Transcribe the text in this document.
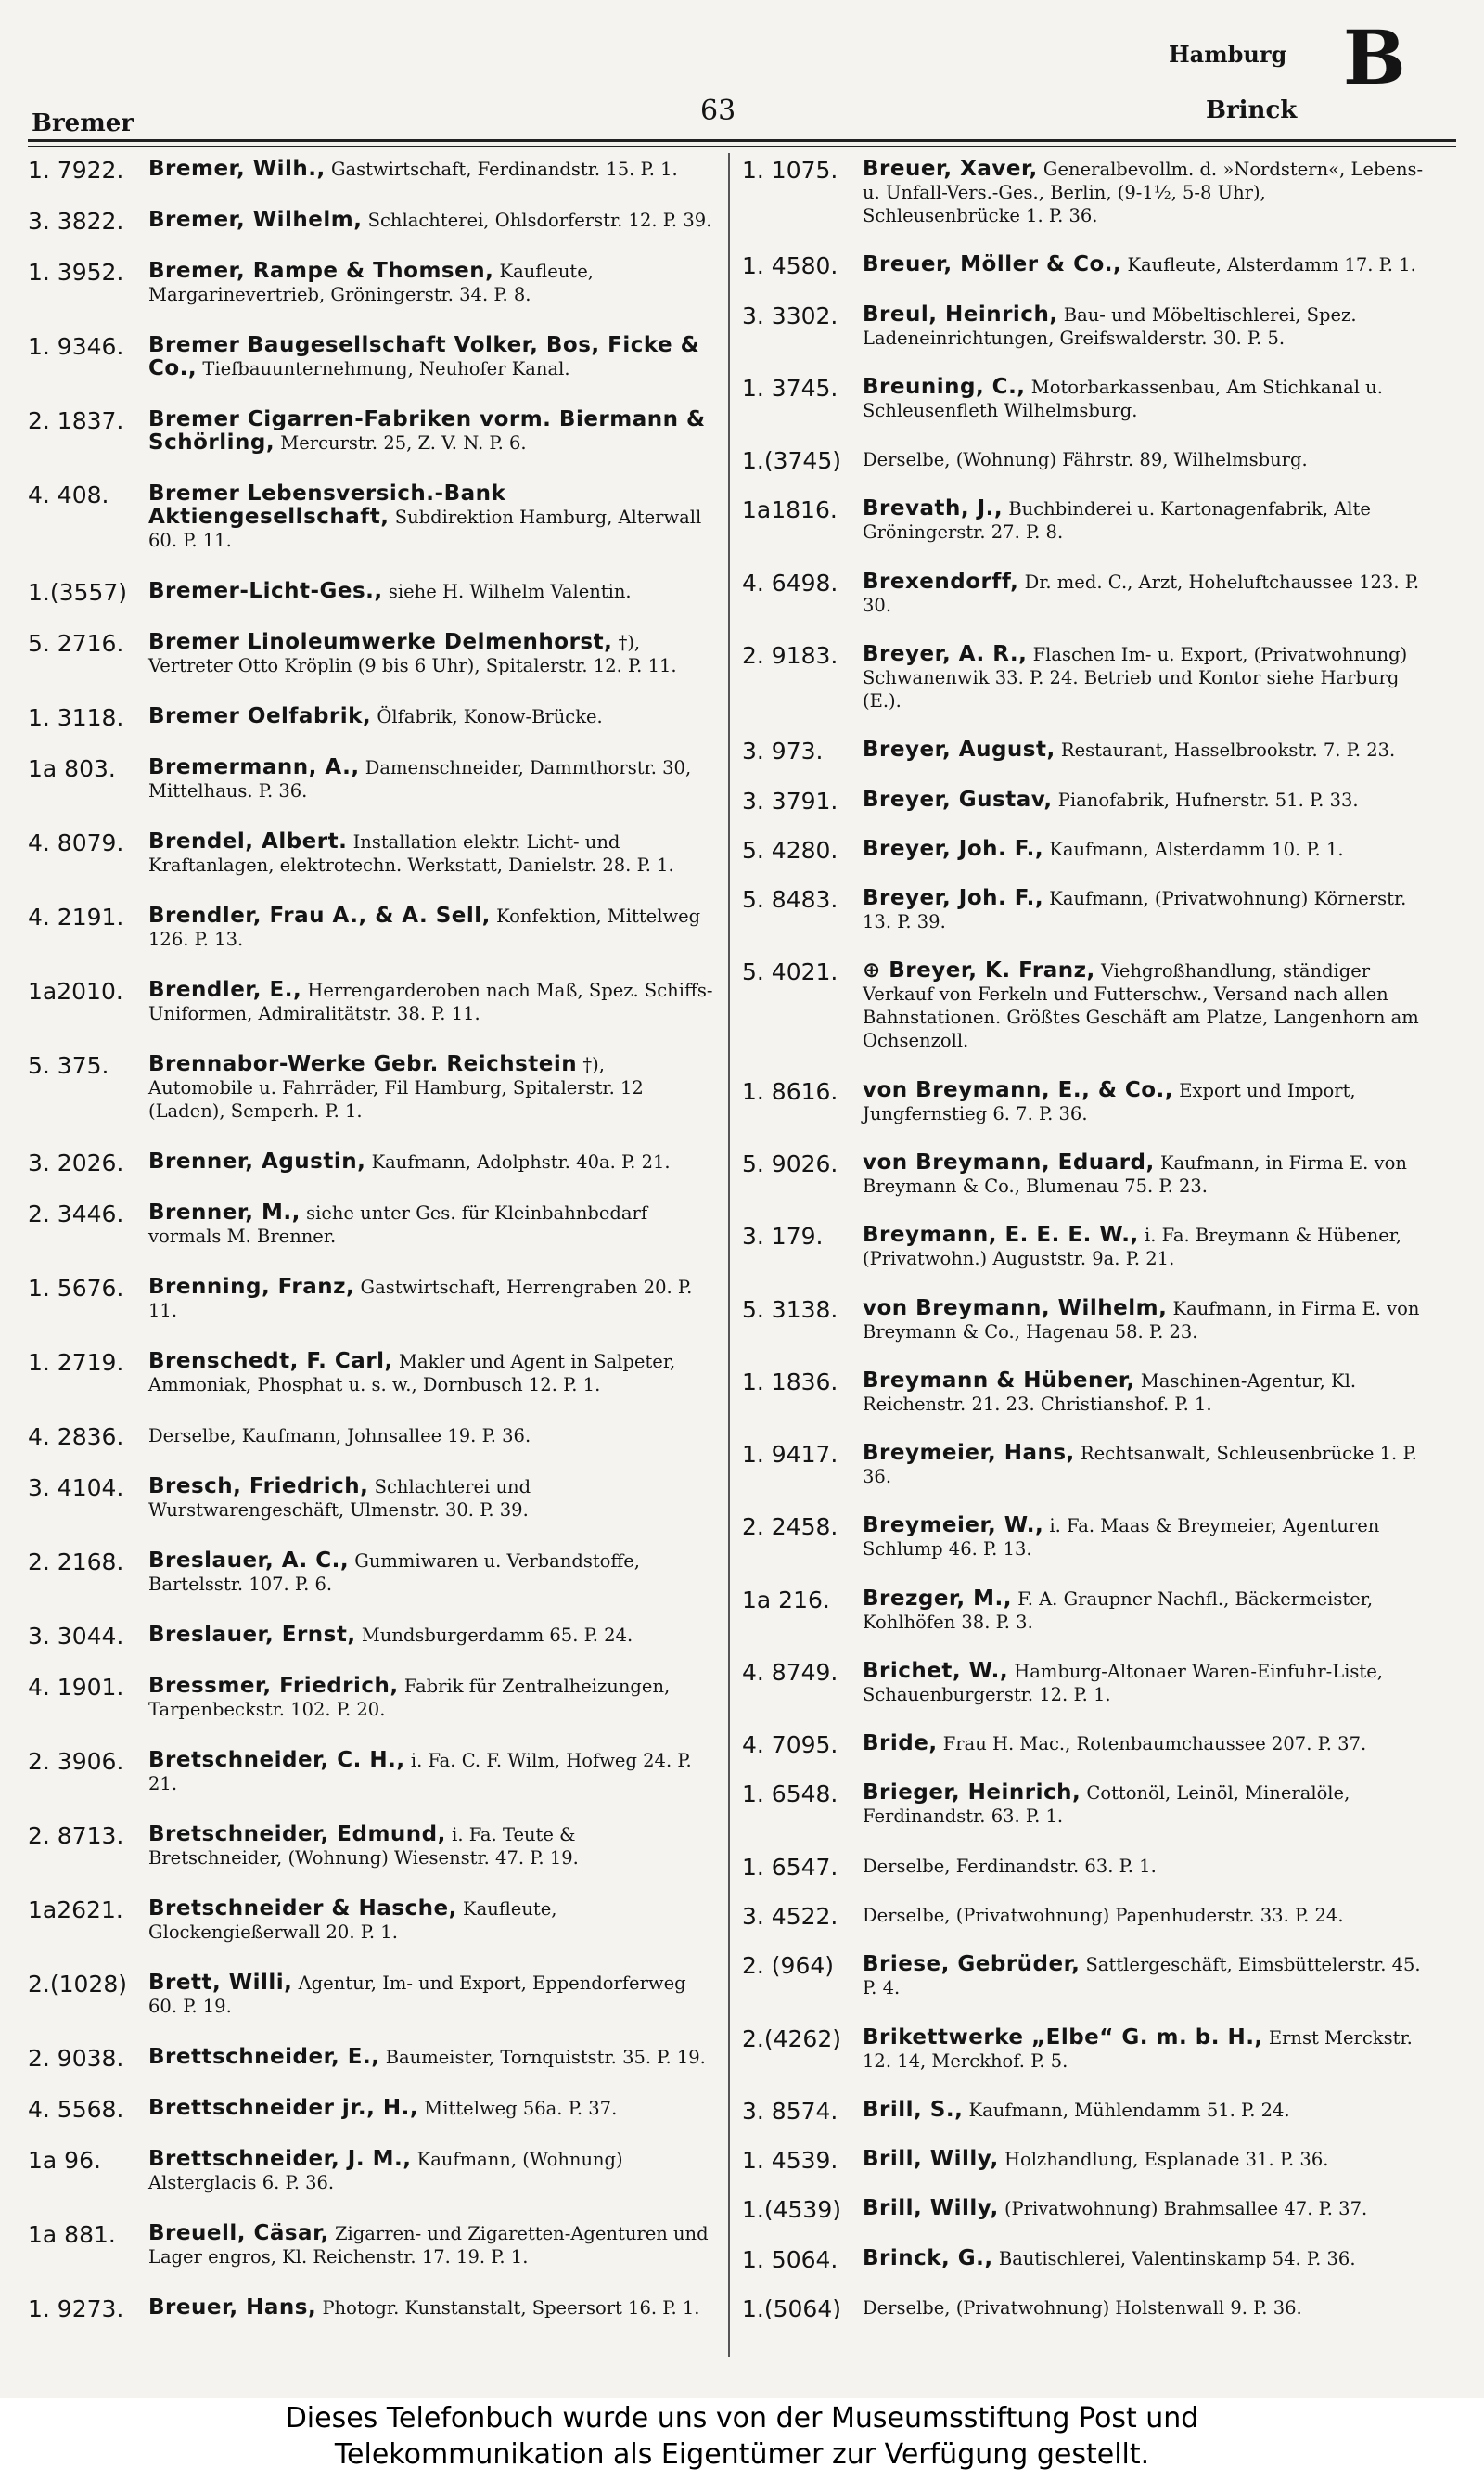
Bremer	63
Hamburg
Brinck
B
1. 7922.	Bremer, Wilh., Gastwirtschaft, Ferdinandstr. 15. P. 1.
3. 3822.	Bremer, Wilhelm, Schlachterei, Ohlsdorferstr. 12. P. 39.
1. 3952.	Bremer, Rampe & Thomsen, Kaufleute, Margarinevertrieb, Gröningerstr. 34. P. 8.
1. 9346.	Bremer Baugesellschaft Volker, Bos, Ficke & Co., Tiefbauunternehmung, Neuhofer Kanal.
2. 1837.	Bremer Cigarren-Fabriken vorm. Biermann & Schörling, Mercurstr. 25, Z. V. N. P. 6.
4. 408.	Bremer Lebensversich.-Bank Aktiengesellschaft, Subdirektion Hamburg, Alterwall 60. P. 11.
1.(3557)	Bremer-Licht-Ges., siehe H. Wilhelm Valentin.
5. 2716.	Bremer Linoleumwerke Delmenhorst, †), Vertreter Otto Kröplin (9 bis 6 Uhr), Spitalerstr. 12. P. 11.
1. 3118.	Bremer Oelfabrik, Ölfabrik, Konow-Brücke.
1a 803.	Bremermann, A., Damenschneider, Dammthorstr. 30, Mittelhaus. P. 36.
4. 8079.	Brendel, Albert. Installation elektr. Licht- und Kraftanlagen, elektrotechn. Werkstatt, Danielstr. 28. P. 1.
4. 2191.	Brendler, Frau A., & A. Sell, Konfektion, Mittelweg 126. P. 13.
1a2010.	Brendler, E., Herrengarderoben nach Maß, Spez. Schiffs-Uniformen, Admiralitätstr. 38. P. 11.
5. 375.	Brennabor-Werke Gebr. Reichstein †), Automobile u. Fahrräder, Fil Hamburg, Spitalerstr. 12 (Laden), Semperh. P. 1.
3. 2026.	Brenner, Agustin, Kaufmann, Adolphstr. 40a. P. 21.
2. 3446.	Brenner, M., siehe unter Ges. für Kleinbahnbedarf vormals M. Brenner.
1. 5676.	Brenning, Franz, Gastwirtschaft, Herrengraben 20. P. 11.
1. 2719.	Brenschedt, F. Carl, Makler und Agent in Salpeter, Ammoniak, Phosphat u. s. w., Dornbusch 12. P. 1.
4. 2836.	Derselbe, Kaufmann, Johnsallee 19. P. 36.
3. 4104.	Bresch, Friedrich, Schlachterei und Wurstwarengeschäft, Ulmenstr. 30. P. 39.
2. 2168.	Breslauer, A. C., Gummiwaren u. Verbandstoffe, Bartelsstr. 107. P. 6.
3. 3044.	Breslauer, Ernst, Mundsburgerdamm 65. P. 24.
4. 1901.	Bressmer, Friedrich, Fabrik für Zentralheizungen, Tarpenbeckstr. 102. P. 20.
2. 3906.	Bretschneider, C. H., i. Fa. C. F. Wilm, Hofweg 24. P. 21.
2. 8713.	Bretschneider, Edmund, i. Fa. Teute & Bretschneider, (Wohnung) Wiesenstr. 47. P. 19.
1a2621.	Bretschneider & Hasche, Kaufleute, Glockengießerwall 20. P. 1.
2.(1028)	Brett, Willi, Agentur, Im- und Export, Eppendorferweg 60. P. 19.
2. 9038.	Brettschneider, E., Baumeister, Tornquiststr. 35. P. 19.
4. 5568.	Brettschneider jr., H., Mittelweg 56a. P. 37.
1a 96.	Brettschneider, J. M., Kaufmann, (Wohnung) Alsterglacis 6. P. 36.
1a 881.	Breuell, Cäsar, Zigarren- und Zigaretten-Agenturen und Lager engros, Kl. Reichenstr. 17. 19. P. 1.
1. 9273.	Breuer, Hans, Photogr. Kunstanstalt, Speersort 16. P. 1.
1. 1075.	Breuer, Xaver, Generalbevollm. d. »Nordstern«, Lebens- u. Unfall-Vers.-Ges., Berlin, (9-1½, 5-8 Uhr), Schleusenbrücke 1. P. 36.
1. 4580.	Breuer, Möller & Co., Kaufleute, Alsterdamm 17. P. 1.
3. 3302.	Breul, Heinrich, Bau- und Möbeltischlerei, Spez. Ladeneinrichtungen, Greifswalderstr. 30. P. 5.
1. 3745.	Breuning, C., Motorbarkassenbau, Am Stichkanal u. Schleusenfleth Wilhelmsburg.
1.(3745)	Derselbe, (Wohnung) Fährstr. 89, Wilhelmsburg.
1a1816.	Brevath, J., Buchbinderei u. Kartonagenfabrik, Alte Gröningerstr. 27. P. 8.
4. 6498.	Brexendorff, Dr. med. C., Arzt, Hoheluftchaussee 123. P. 30.
2. 9183.	Breyer, A. R., Flaschen Im- u. Export, (Privatwohnung) Schwanenwik 33. P. 24. Betrieb und Kontor siehe Harburg (E.).
3. 973.	Breyer, August, Restaurant, Hasselbrookstr. 7. P. 23.
3. 3791.	Breyer, Gustav, Pianofabrik, Hufnerstr. 51. P. 33.
5. 4280.	Breyer, Joh. F., Kaufmann, Alsterdamm 10. P. 1.
5. 8483.	Breyer, Joh. F., Kaufmann, (Privatwohnung) Körnerstr. 13. P. 39.
5. 4021.	⊕ Breyer, K. Franz, Viehgroßhandlung, ständiger Verkauf von Ferkeln und Futterschw., Versand nach allen Bahnstationen. Größtes Geschäft am Platze, Langenhorn am Ochsenzoll.
1. 8616.	von Breymann, E., & Co., Export und Import, Jungfernstieg 6. 7. P. 36.
5. 9026.	von Breymann, Eduard, Kaufmann, in Firma E. von Breymann & Co., Blumenau 75. P. 23.
3. 179.	Breymann, E. E. E. W., i. Fa. Breymann & Hübener, (Privatwohn.) Auguststr. 9a. P. 21.
5. 3138.	von Breymann, Wilhelm, Kaufmann, in Firma E. von Breymann & Co., Hagenau 58. P. 23.
1. 1836.	Breymann & Hübener, Maschinen-Agentur, Kl. Reichenstr. 21. 23. Christianshof. P. 1.
1. 9417.	Breymeier, Hans, Rechtsanwalt, Schleusenbrücke 1. P. 36.
2. 2458.	Breymeier, W., i. Fa. Maas & Breymeier, Agenturen Schlump 46. P. 13.
1a 216.	Brezger, M., F. A. Graupner Nachfl., Bäckermeister, Kohlhöfen 38. P. 3.
4. 8749.	Brichet, W., Hamburg-Altonaer Waren-Einfuhr-Liste, Schauenburgerstr. 12. P. 1.
4. 7095.	Bride, Frau H. Mac., Rotenbaumchaussee 207. P. 37.
1. 6548.	Brieger, Heinrich, Cottonöl, Leinöl, Mineralöle, Ferdinandstr. 63. P. 1.
1. 6547.	Derselbe, Ferdinandstr. 63. P. 1.
3. 4522.	Derselbe, (Privatwohnung) Papenhuderstr. 33. P. 24.
2. (964)	Briese, Gebrüder, Sattlergeschäft, Eimsbüttelerstr. 45. P. 4.
2.(4262)	Brikettwerke „Elbe“ G. m. b. H., Ernst Merckstr. 12. 14, Merckhof. P. 5.
3. 8574.	Brill, S., Kaufmann, Mühlendamm 51. P. 24.
1. 4539.	Brill, Willy, Holzhandlung, Esplanade 31. P. 36.
1.(4539)	Brill, Willy, (Privatwohnung) Brahmsallee 47. P. 37.
1. 5064.	Brinck, G., Bautischlerei, Valentinskamp 54. P. 36.
1.(5064)	Derselbe, (Privatwohnung) Holstenwall 9. P. 36.
Dieses Telefonbuch wurde uns von der Museumsstiftung Post und
Telekommunikation als Eigentümer zur Verfügung gestellt.
